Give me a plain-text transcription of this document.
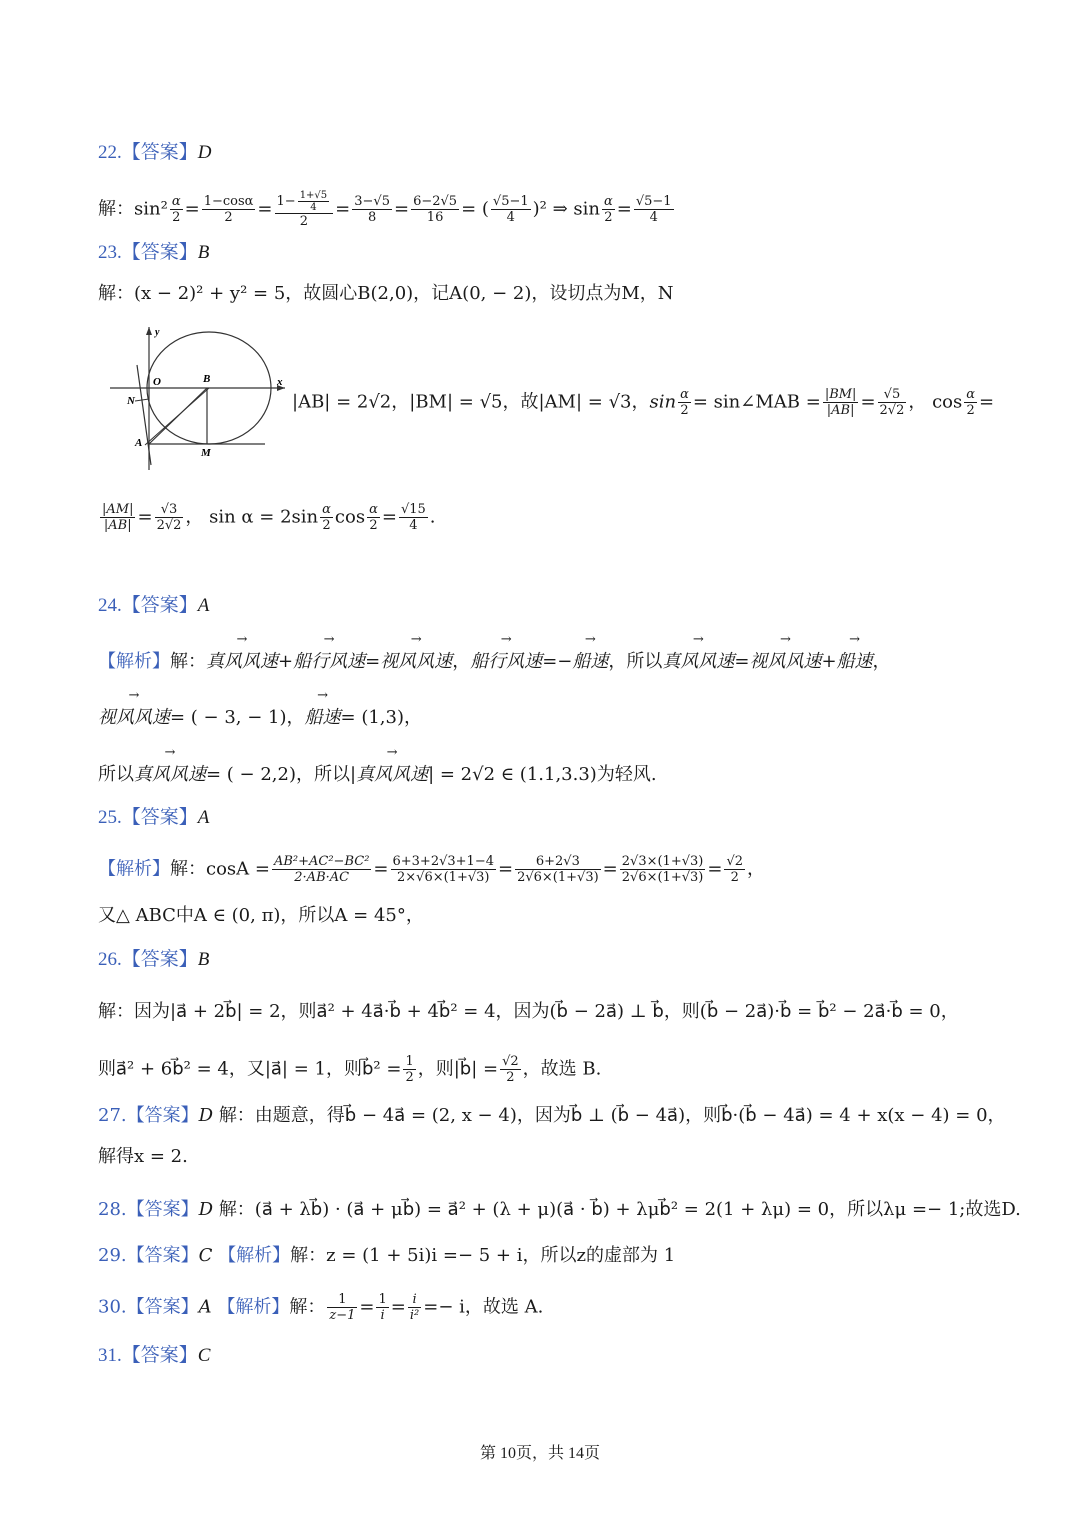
22.【答案】D
解：$\sin^2 \frac{\alpha}{2} = \frac{1-\cos\alpha}{2} = \frac{1- \frac{1+√5}{4}}{2} = \frac{3-√5}{8} = \frac{6-2√5}{16}$ = ( $\frac{√5-1}{4} )^2$ ⇒ $\sin \frac{\alpha}{2} = \frac{√5-1}{4}$
23.【答案】B
解：(x − 2)² + y² = 5，故圆心B(2,0)，记A(0, − 2)，设切点为M，N
y
O	B	x
N
A
M
|AB| = 2√2，|BM| = √5，故|AM| = √3，$\sin \frac{\alpha}{2}$ = sin∠MAB = $\frac{|BM|}{|AB|} = \frac{√5}{2√2}$ ， $\cos \frac{\alpha}{2}$ =
$\frac{|AM|}{|AB|} = \frac{√3}{2√2}$ ， $\sin \alpha = 2\sin \frac{\alpha}{2}$ $\cos \frac{\alpha}{2} = \frac{√15}{4}$ .
24.【答案】A
【解析】解：→ 真风风速+→ 船行风速=→ 视风风速，→ 船行风速=−→ 船速，所以→ 真风风速=→ 视风风速+→ 船速，
→ 视风风速= ( − 3, − 1)，→ 船速= (1,3)，
所以→ 真风风速= ( − 2,2)，所以|→ 真风风速| = 2√2 ∈ (1.1,3.3)为轻风.
25.【答案】A
【解析】解：$\cos A = \frac{\text{AB²+AC²−BC²}}{2\cdot AB\cdot AC} = \frac{6+3+2√3+1-4}{2\times√6\times(1+√3)} = \frac{6+2√3}{2√6\times(1+√3)} = \frac{2√3\times(1+√3)}{2√6\times(1+√3)} = \frac{√2}{2}$ ，
又△ ABC中A ∈ (0, π)，所以A = 45°，
26.【答案】B
解：因为|a⃗ + 2b⃗| = 2，则a⃗² + 4a⃗·b⃗ + 4b⃗² = 4，因为(b⃗ − 2a⃗) ⊥ b⃗，则(b⃗ − 2a⃗)·b⃗ = b⃗² − 2a⃗·b⃗ = 0，
则a⃗² + 6b⃗² = 4，又|a⃗| = 1，则b⃗² = $\frac{1}{2}$ ，则|b⃗| = $\frac{√2}{2}$ ，故选 B.
27.【答案】D 解：由题意，得b⃗ − 4a⃗ = (2, x − 4)，因为b⃗ ⊥ (b⃗ − 4a⃗)，则b⃗·(b⃗ − 4a⃗) = 4 + x(x − 4) = 0，
解得x = 2.
28.【答案】D 解：(a⃗ + λb⃗) · (a⃗ + μb⃗) = a⃗² + (λ + μ)(a⃗ · b⃗) + λμb⃗² = 2(1 + λμ) = 0，所以λμ =− 1;故选D.
29.【答案】C 【解析】解：z = (1 + 5i)i =− 5 + i，所以z的虚部为 1
30.【答案】A 【解析】解： $\frac{1}{z-1} = \frac{1}{i} = \frac{i}{\text{i²}} =- i$，故选 A.
31.【答案】C
第 10页，共 14页
